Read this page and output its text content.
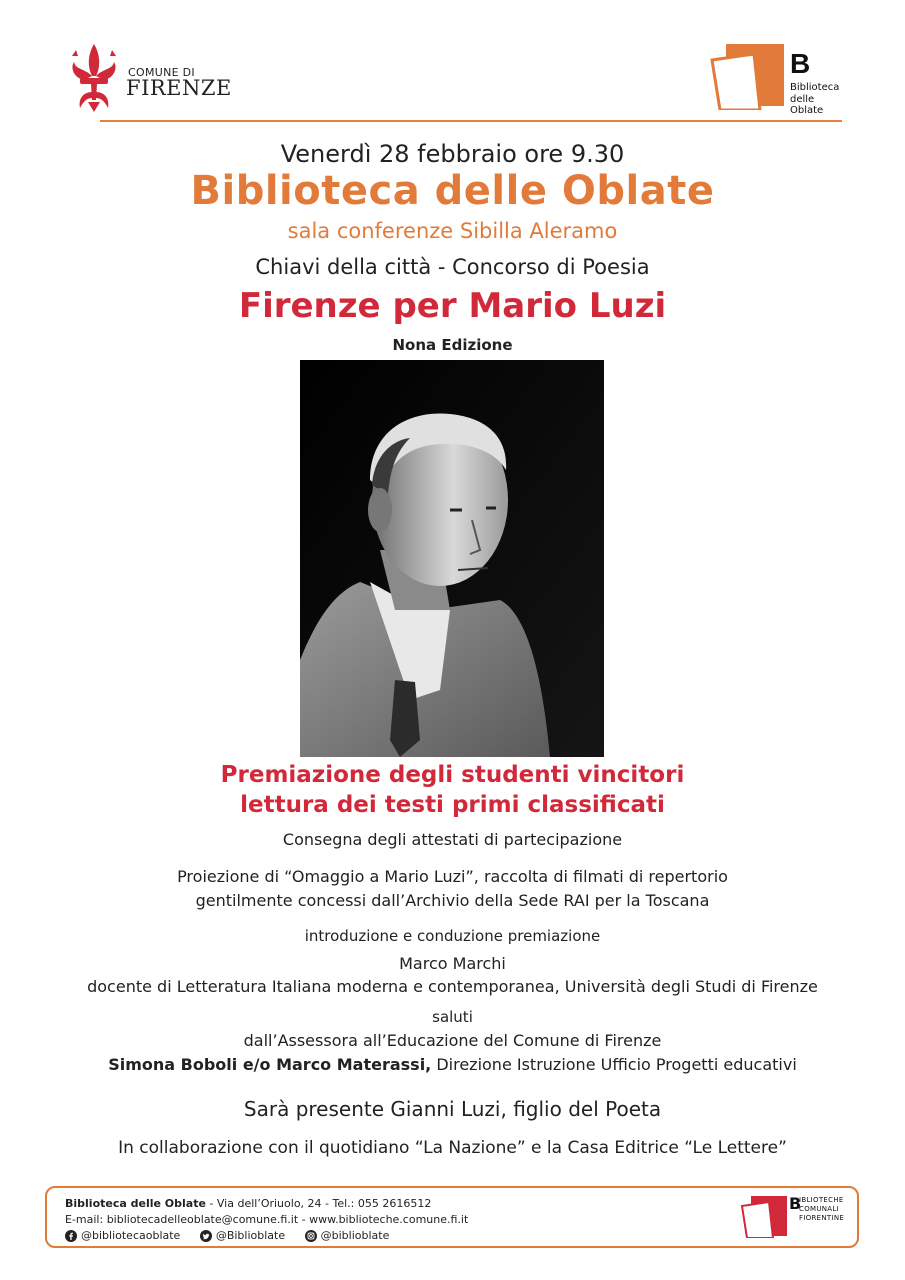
COMUNE DI
FIRENZE
B
Biblioteca
delle Oblate
Venerdì 28 febbraio ore 9.30
Biblioteca delle Oblate
sala conferenze Sibilla Aleramo
Chiavi della città - Concorso di Poesia
Firenze per Mario Luzi
Nona Edizione
Premiazione degli studenti vincitori
lettura dei testi primi classificati
Consegna degli attestati di partecipazione
Proiezione di “Omaggio a Mario Luzi”, raccolta di filmati di repertorio
gentilmente concessi dall’Archivio della Sede RAI per la Toscana
introduzione e conduzione premiazione
Marco Marchi
docente di Letteratura Italiana moderna e contemporanea, Università degli Studi di Firenze
saluti
dall’Assessora all’Educazione del Comune di Firenze
Simona Boboli e/o Marco Materassi, Direzione Istruzione Ufficio Progetti educativi
Sarà presente Gianni Luzi, figlio del Poeta
In collaborazione con il quotidiano “La Nazione” e la Casa Editrice “Le Lettere”
Biblioteca delle Oblate - Via dell’Oriuolo, 24 - Tel.: 055 2616512
E-mail: bibliotecadelleoblate@comune.fi.it - www.biblioteche.comune.fi.it
@bibliotecaoblate
	@Biblioblate
	@biblioblate
B
IBLIOTECHE
COMUNALI
FIORENTINE
